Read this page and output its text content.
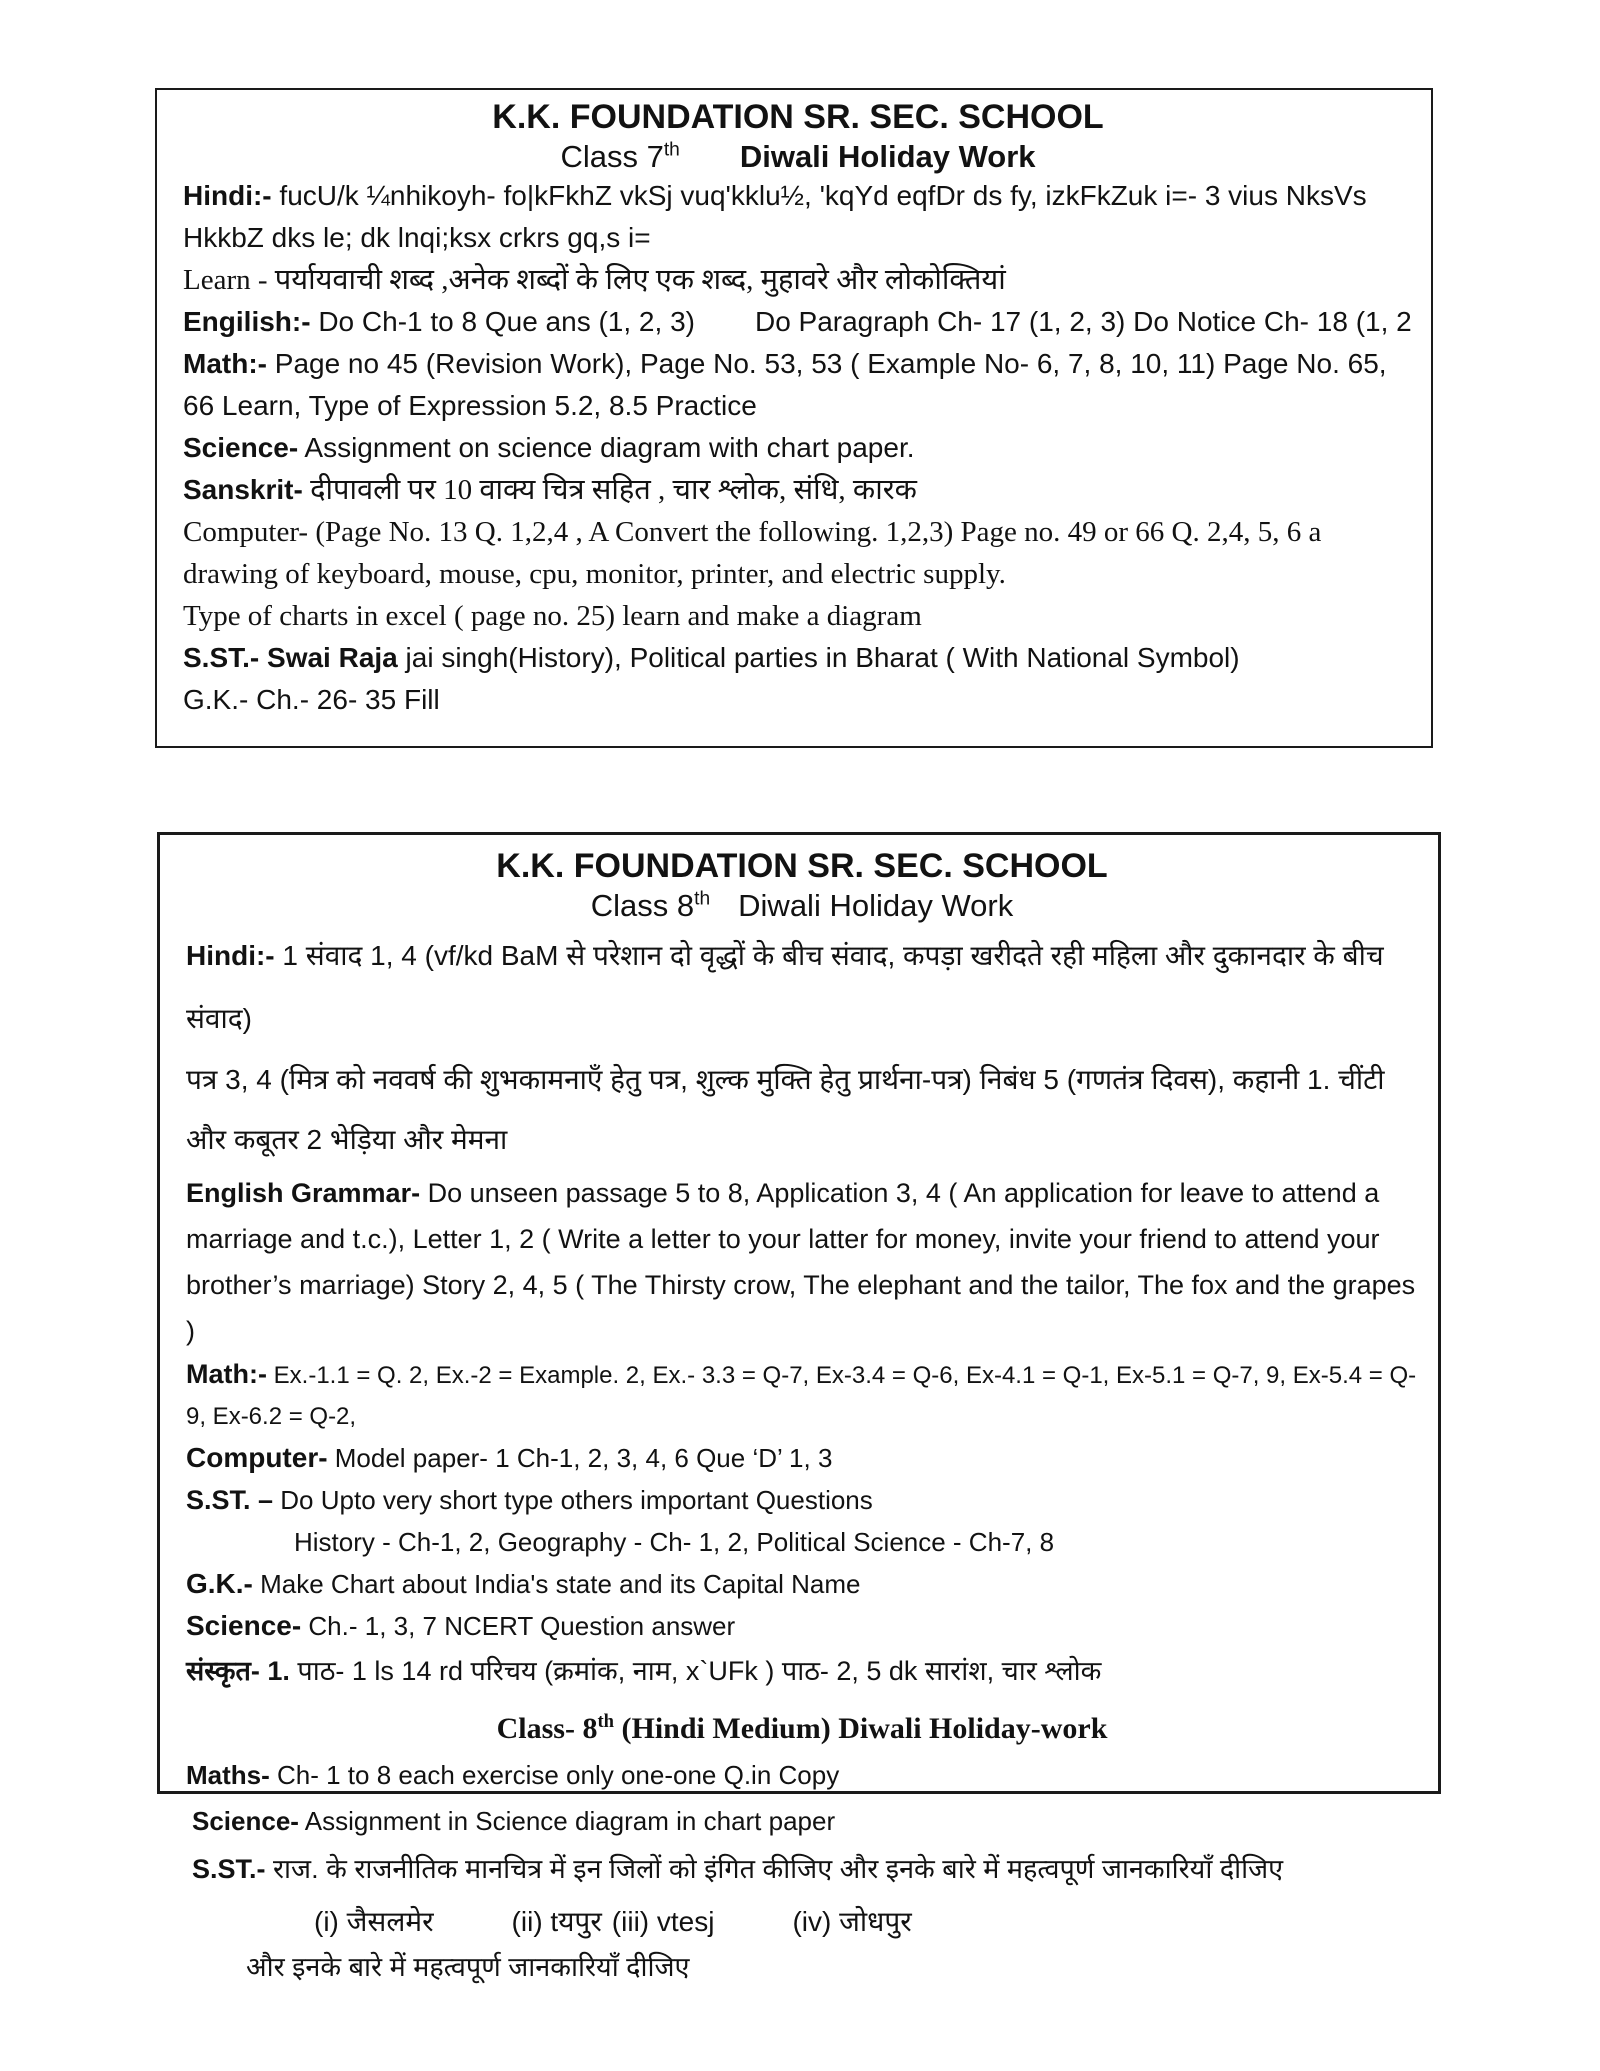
K.K. FOUNDATION SR. SEC. SCHOOL
Class 7th Diwali Holiday Work
Hindi:- fucU/k ¼nhikoyh- fo|kFkhZ vkSj vuq'kklu½, 'kqYd eqfDr ds fy, izkFkZuk i=- 3 vius NksVs HkkbZ dks le; dk lnqi;ksx crkrs gq,s i=
Learn - पर्यायवाची शब्द ,अनेक शब्दों के लिए एक शब्द, मुहावरे और लोकोक्तियां
Engilish:- Do Ch-1 to 8 Que ans (1, 2, 3) Do Paragraph Ch- 17 (1, 2, 3) Do Notice Ch- 18 (1, 2
Math:- Page no 45 (Revision Work), Page No. 53, 53 ( Example No- 6, 7, 8, 10, 11) Page No. 65, 66 Learn, Type of Expression 5.2, 8.5 Practice
Science- Assignment on science diagram with chart paper.
Sanskrit- दीपावली पर 10 वाक्य चित्र सहित , चार श्लोक, संधि, कारक
Computer- (Page No. 13 Q. 1,2,4 , A Convert the following. 1,2,3) Page no. 49 or 66 Q. 2,4, 5, 6 a drawing of keyboard, mouse, cpu, monitor, printer, and electric supply.
Type of charts in excel ( page no. 25) learn and make a diagram
S.ST.- Swai Raja jai singh(History), Political parties in Bharat ( With National Symbol)
G.K.- Ch.- 26- 35 Fill
K.K. FOUNDATION SR. SEC. SCHOOL
Class 8th Diwali Holiday Work
Hindi:- 1 संवाद 1, 4 (vf/kd BaM से परेशान दो वृद्धों के बीच संवाद, कपड़ा खरीदते रही महिला और दुकानदार के बीच संवाद)
पत्र 3, 4 (मित्र को नववर्ष की शुभकामनाएँ हेतु पत्र, शुल्क मुक्ति हेतु प्रार्थना-पत्र) निबंध 5 (गणतंत्र दिवस), कहानी 1. चींटी और कबूतर 2 भेड़िया और मेमना
English Grammar- Do unseen passage 5 to 8, Application 3, 4 ( An application for leave to attend a marriage and t.c.), Letter 1, 2 ( Write a letter to your latter for money, invite your friend to attend your brother’s marriage) Story 2, 4, 5 ( The Thirsty crow, The elephant and the tailor, The fox and the grapes )
Math:- Ex.-1.1 = Q. 2, Ex.-2 = Example. 2, Ex.- 3.3 = Q-7, Ex-3.4 = Q-6, Ex-4.1 = Q-1, Ex-5.1 = Q-7, 9, Ex-5.4 = Q-9, Ex-6.2 = Q-2,
Computer- Model paper- 1 Ch-1, 2, 3, 4, 6 Que ‘D’ 1, 3
S.ST. – Do Upto very short type others important Questions
History - Ch-1, 2, Geography - Ch- 1, 2, Political Science - Ch-7, 8
G.K.- Make Chart about India's state and its Capital Name
Science- Ch.- 1, 3, 7 NCERT Question answer
संस्कृत- 1. पाठ- 1 ls 14 rd परिचय (क्रमांक, नाम, x`UFk ) पाठ- 2, 5 dk सारांश, चार श्लोक
Class- 8th (Hindi Medium) Diwali Holiday-work
Maths- Ch- 1 to 8 each exercise only one-one Q.in Copy
Science- Assignment in Science diagram in chart paper
S.ST.- राज. के राजनीतिक मानचित्र में इन जिलों को इंगित कीजिए और इनके बारे में महत्वपूर्ण जानकारियाँ दीजिए
(i) जैसलमेर	(ii) tयपुर (iii) vtesj	(iv) जोधपुर
और इनके बारे में महत्वपूर्ण जानकारियाँ दीजिए
